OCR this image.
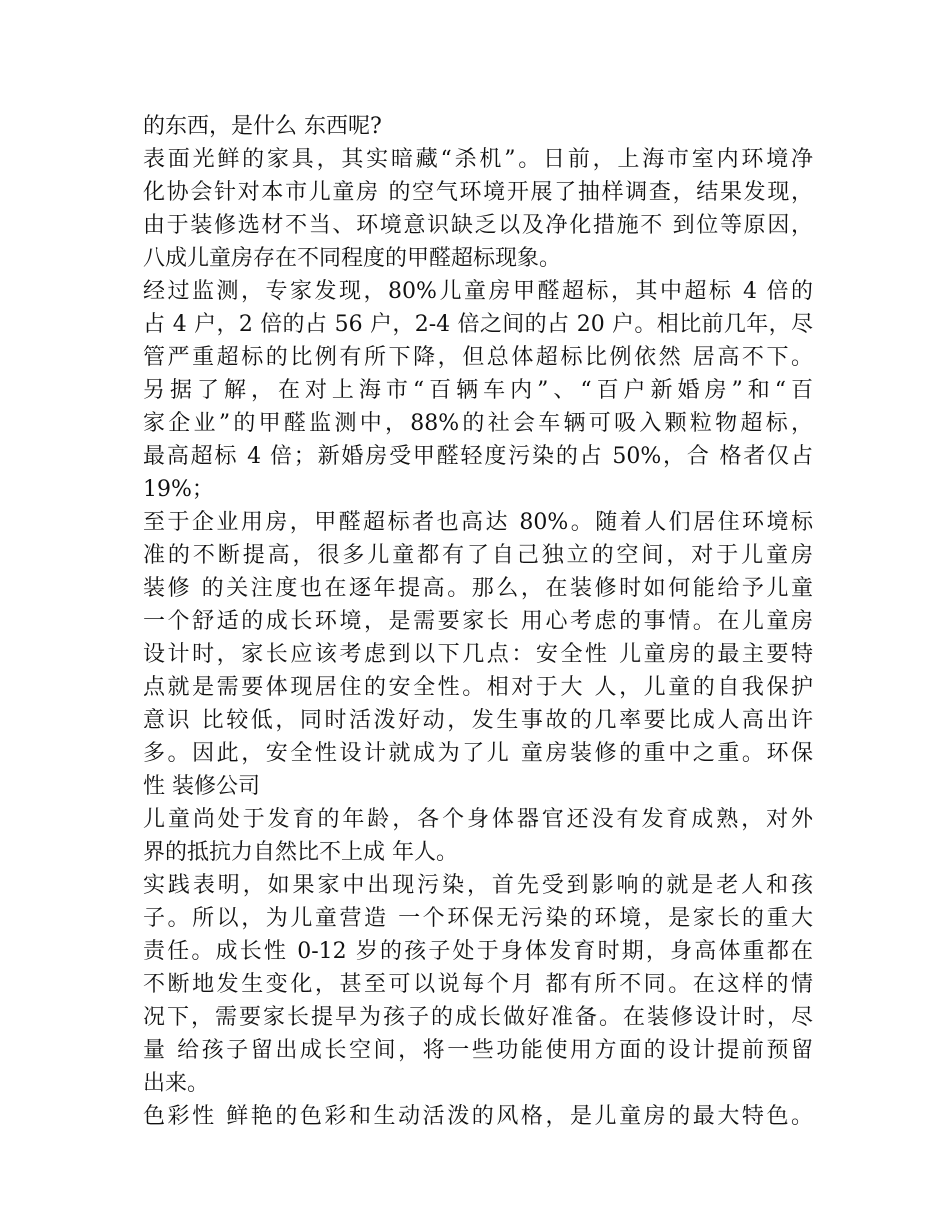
的东西，是什么 东西呢?
表面光鲜的家具，其实暗藏“杀机”。日前，上海市室内环境净
化协会针对本市儿童房 的空气环境开展了抽样调查，结果发现，
由于装修选材不当、环境意识缺乏以及净化措施不 到位等原因，
八成儿童房存在不同程度的甲醛超标现象。
经过监测，专家发现，80%儿童房甲醛超标，其中超标 4 倍的
占 4 户，2 倍的占 56 户，2-4 倍之间的占 20 户。相比前几年，尽
管严重超标的比例有所下降，但总体超标比例依然 居高不下。
另据了解，在对上海市“百辆车内”、“百户新婚房”和“百
家企业”的甲醛监测中，88%的社会车辆可吸入颗粒物超标，
最高超标 4 倍；新婚房受甲醛轻度污染的占 50%，合 格者仅占
19%；
至于企业用房，甲醛超标者也高达 80%。随着人们居住环境标
准的不断提高，很多儿童都有了自己独立的空间，对于儿童房
装修 的关注度也在逐年提高。那么，在装修时如何能给予儿童
一个舒适的成长环境，是需要家长 用心考虑的事情。在儿童房
设计时，家长应该考虑到以下几点：安全性 儿童房的最主要特
点就是需要体现居住的安全性。相对于大 人，儿童的自我保护
意识 比较低，同时活泼好动，发生事故的几率要比成人高出许
多。因此，安全性设计就成为了儿 童房装修的重中之重。环保
性 装修公司
儿童尚处于发育的年龄，各个身体器官还没有发育成熟，对外
界的抵抗力自然比不上成 年人。
实践表明，如果家中出现污染，首先受到影响的就是老人和孩
子。所以，为儿童营造 一个环保无污染的环境，是家长的重大
责任。成长性 0-12 岁的孩子处于身体发育时期，身高体重都在
不断地发生变化，甚至可以说每个月 都有所不同。在这样的情
况下，需要家长提早为孩子的成长做好准备。在装修设计时，尽
量 给孩子留出成长空间，将一些功能使用方面的设计提前预留
出来。
色彩性 鲜艳的色彩和生动活泼的风格，是儿童房的最大特色。
